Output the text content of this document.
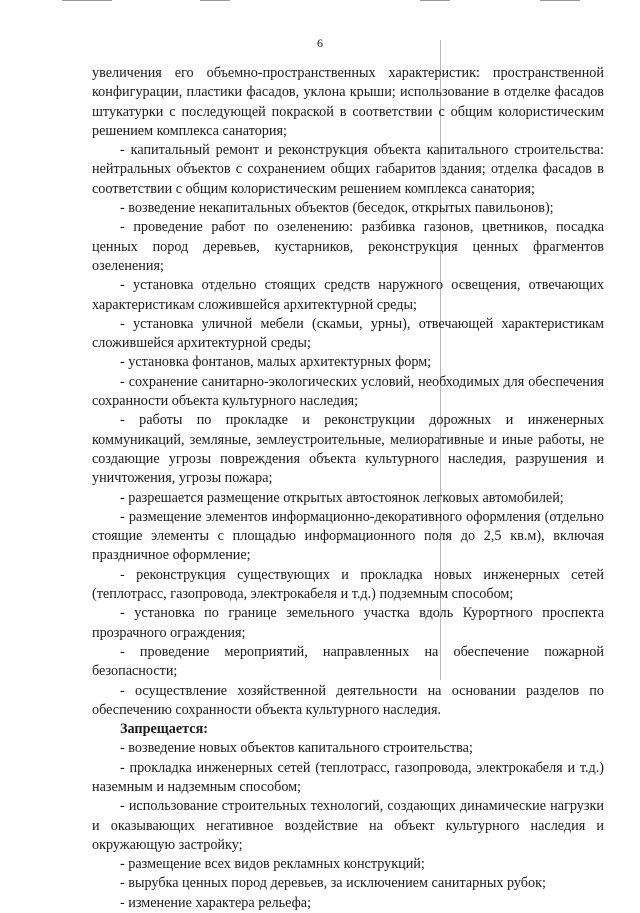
6

увеличения его объемно-пространственных характеристик: пространственной конфигурации, пластики фасадов, уклона крыши; использование в отделке фасадов штукатурки с последующей покраской в соответствии с общим колористическим решением комплекса санатория;

- капитальный ремонт и реконструкция объекта капитального строительства: нейтральных объектов с сохранением общих габаритов здания; отделка фасадов в соответствии с общим колористическим решением комплекса санатория;

- возведение некапитальных объектов (беседок, открытых павильонов);

- проведение работ по озеленению: разбивка газонов, цветников, посадка ценных пород деревьев, кустарников, реконструкция ценных фрагментов озеленения;

- установка отдельно стоящих средств наружного освещения, отвечающих характеристикам сложившейся архитектурной среды;

- установка уличной мебели (скамьи, урны), отвечающей характеристикам сложившейся архитектурной среды;

- установка фонтанов, малых архитектурных форм;

- сохранение санитарно-экологических условий, необходимых для обеспечения сохранности объекта культурного наследия;

- работы по прокладке и реконструкции дорожных и инженерных коммуникаций, земляные, землеустроительные, мелиоративные и иные работы, не создающие угрозы повреждения объекта культурного наследия, разрушения и уничтожения, угрозы пожара;

- разрешается размещение открытых автостоянок легковых автомобилей;

- размещение элементов информационно-декоративного оформления (отдельно стоящие элементы с площадью информационного поля до 2,5 кв.м), включая праздничное оформление;

- реконструкция существующих и прокладка новых инженерных сетей (теплотрасс, газопровода, электрокабеля и т.д.) подземным способом;

- установка по границе земельного участка вдоль Курортного проспекта прозрачного ограждения;

- проведение мероприятий, направленных на обеспечение пожарной безопасности;

- осуществление хозяйственной деятельности на основании разделов по обеспечению сохранности объекта культурного наследия.

Запрещается:

- возведение новых объектов капитального строительства;

- прокладка инженерных сетей (теплотрасс, газопровода, электрокабеля и т.д.) наземным и надземным способом;

- использование строительных технологий, создающих динамические нагрузки и оказывающих негативное воздействие на объект культурного наследия и окружающую застройку;

- размещение всех видов рекламных конструкций;

- вырубка ценных пород деревьев, за исключением санитарных рубок;

- изменение характера рельефа;
